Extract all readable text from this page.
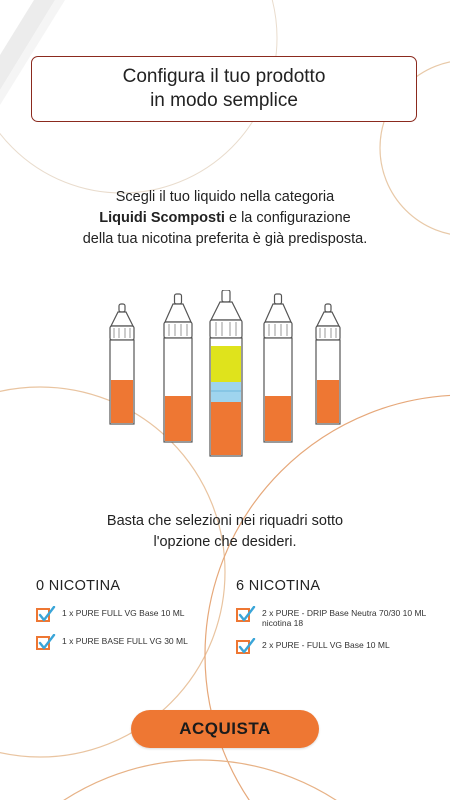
Configura il tuo prodotto
in modo semplice
Scegli il tuo liquido nella categoria
Liquidi Scomposti e la configurazione
della tua nicotina preferita è già predisposta.
Basta che selezioni nei riquadri sotto
l'opzione che desideri.
0 NICOTINA
1 x PURE FULL VG Base 10 ML
1 x PURE BASE FULL VG 30 ML
6 NICOTINA
2 x PURE - DRIP Base Neutra 70/30 10 ML nicotina 18
2 x PURE - FULL VG Base 10 ML
ACQUISTA
